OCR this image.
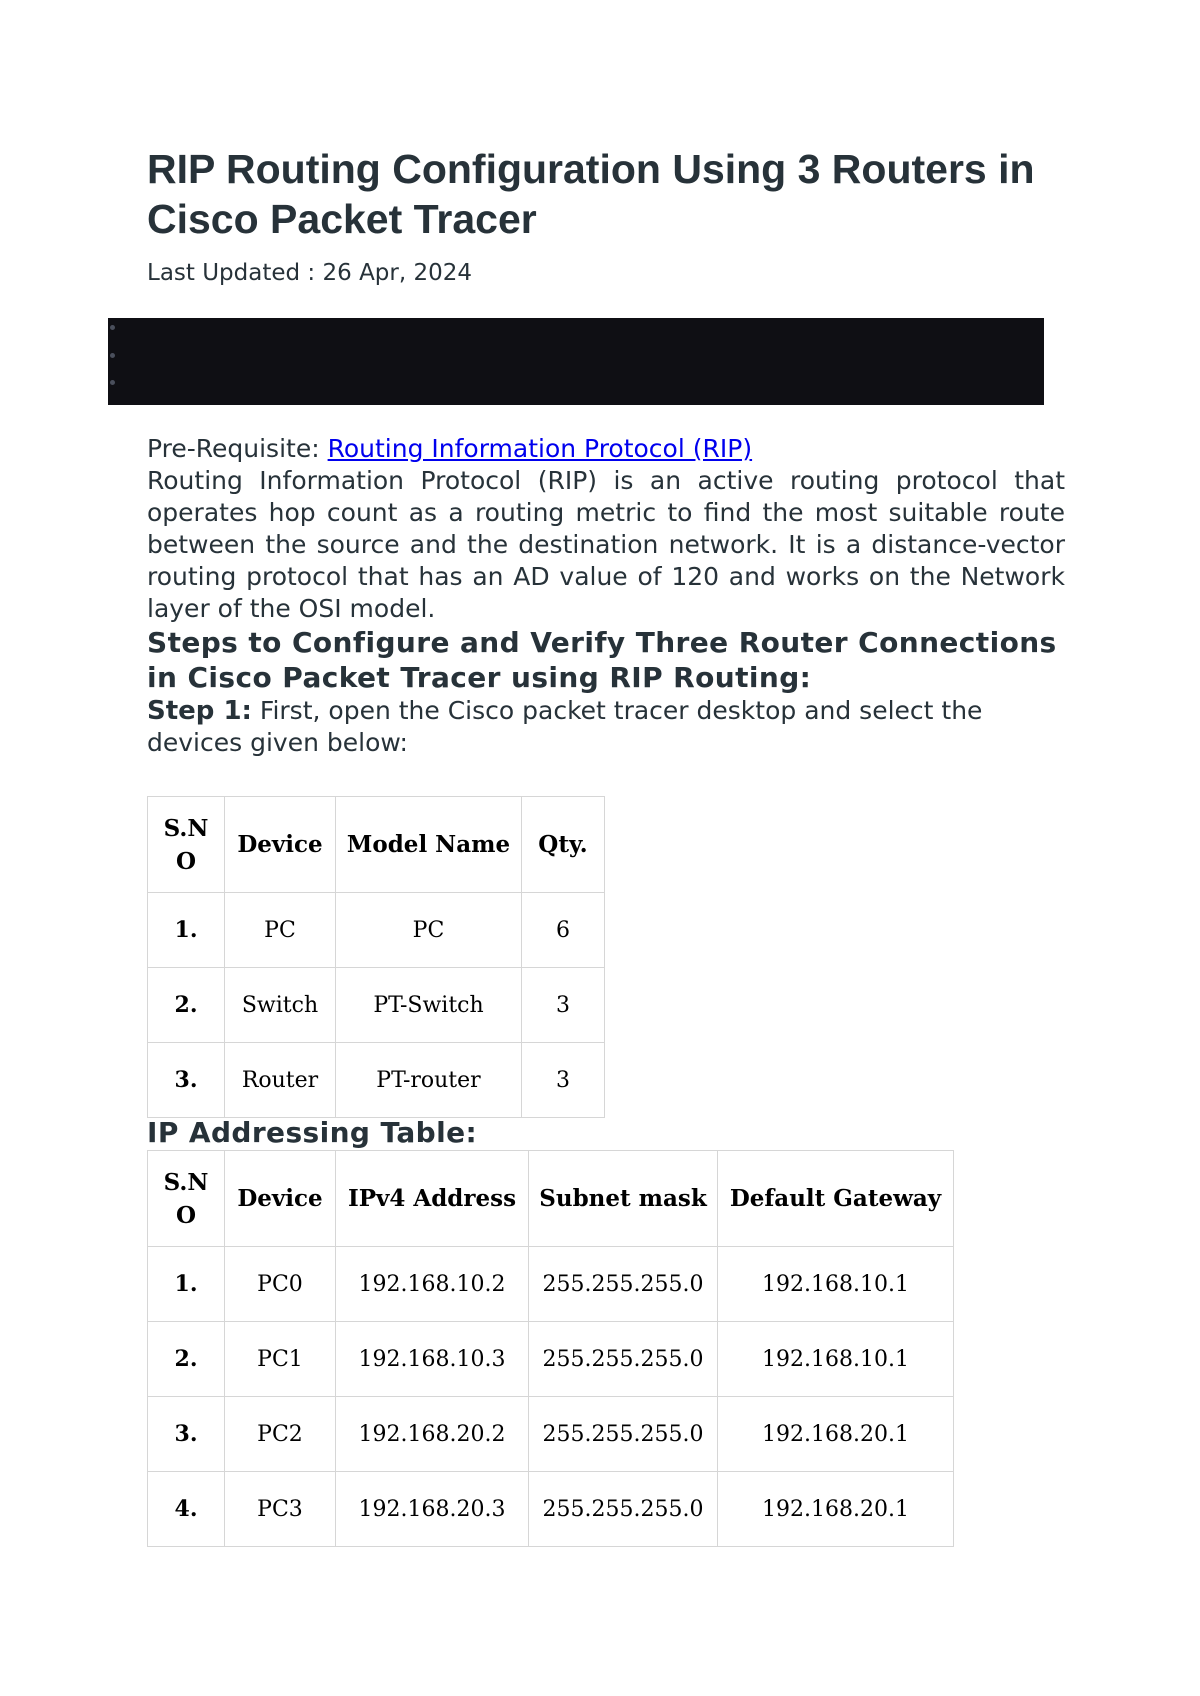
RIP Routing Configuration Using 3 Routers in Cisco Packet Tracer

Last Updated : 26 Apr, 2024

Pre-Requisite: Routing Information Protocol (RIP)

Routing Information Protocol (RIP) is an active routing protocol that operates hop count as a routing metric to find the most suitable route between the source and the destination network. It is a distance-vector routing protocol that has an AD value of 120 and works on the Network layer of the OSI model.

Steps to Configure and Verify Three Router Connections in Cisco Packet Tracer using RIP Routing:

Step 1: First, open the Cisco packet tracer desktop and select the devices given below:

S.N O	Device	Model Name	Qty.
1.	PC	PC	6
2.	Switch	PT-Switch	3
3.	Router	PT-router	3
IP Addressing Table:
S.N O	Device	IPv4 Address	Subnet mask	Default Gateway
1.	PC0	192.168.10.2	255.255.255.0	192.168.10.1
2.	PC1	192.168.10.3	255.255.255.0	192.168.10.1
3.	PC2	192.168.20.2	255.255.255.0	192.168.20.1
4.	PC3	192.168.20.3	255.255.255.0	192.168.20.1
